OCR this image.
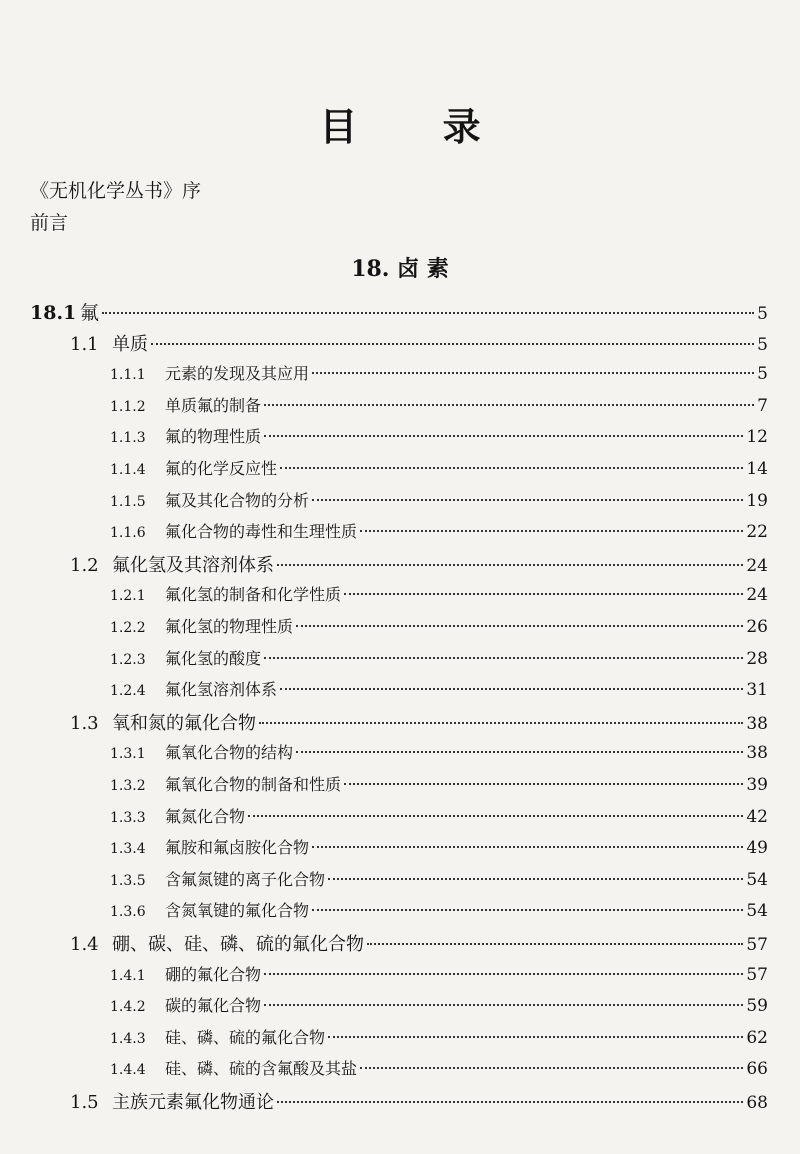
目 录
《无机化学丛书》序
前言
18. 卤 素
18.1 氟	5
1.1 单质	5
1.1.1	元素的发现及其应用	5
1.1.2	单质氟的制备	7
1.1.3	氟的物理性质	12
1.1.4	氟的化学反应性	14
1.1.5	氟及其化合物的分析	19
1.1.6	氟化合物的毒性和生理性质	22
1.2 氟化氢及其溶剂体系	24
1.2.1	氟化氢的制备和化学性质	24
1.2.2	氟化氢的物理性质	26
1.2.3	氟化氢的酸度	28
1.2.4	氟化氢溶剂体系	31
1.3 氧和氮的氟化合物	38
1.3.1	氟氧化合物的结构	38
1.3.2	氟氧化合物的制备和性质	39
1.3.3	氟氮化合物	42
1.3.4	氟胺和氟卤胺化合物	49
1.3.5	含氟氮键的离子化合物	54
1.3.6	含氮氧键的氟化合物	54
1.4 硼、碳、硅、磷、硫的氟化合物	57
1.4.1	硼的氟化合物	57
1.4.2	碳的氟化合物	59
1.4.3	硅、磷、硫的氟化合物	62
1.4.4	硅、磷、硫的含氟酸及其盐	66
1.5 主族元素氟化物通论	68
